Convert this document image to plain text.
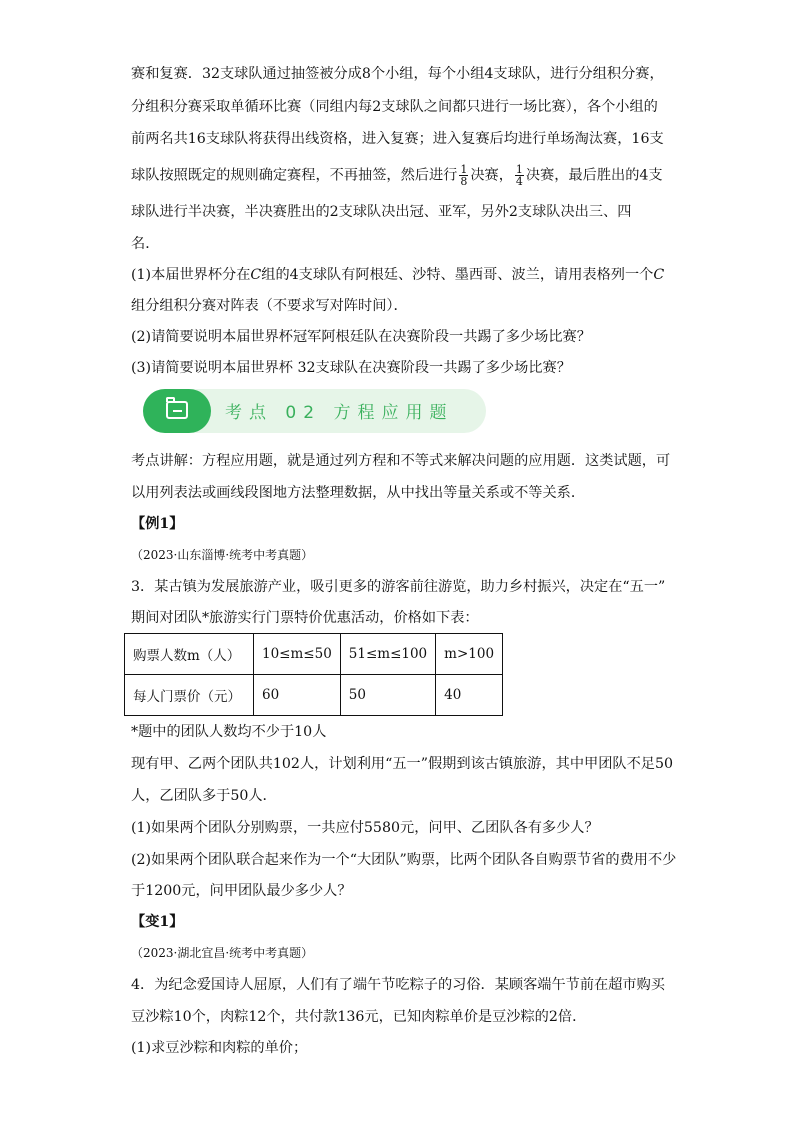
赛和复赛．32支球队通过抽签被分成8个小组，每个小组4支球队，进行分组积分赛，
分组积分赛采取单循环比赛（同组内每2支球队之间都只进行一场比赛），各个小组的
前两名共16支球队将获得出线资格，进入复赛；进入复赛后均进行单场淘汰赛，16支
球队按照既定的规则确定赛程，不再抽签，然后进行 $\frac{1}{8}$ 决赛， $\frac{1}{4}$ 决赛，最后胜出的4支
球队进行半决赛，半决赛胜出的2支球队决出冠、亚军，另外2支球队决出三、四
名．
(1)本届世界杯分在C组的4支球队有阿根廷、沙特、墨西哥、波兰，请用表格列一个C
组分组积分赛对阵表（不要求写对阵时间）．
(2)请简要说明本届世界杯冠军阿根廷队在决赛阶段一共踢了多少场比赛？
(3)请简要说明本届世界杯 32支球队在决赛阶段一共踢了多少场比赛？
考点 02 方程应用题
考点讲解：方程应用题，就是通过列方程和不等式来解决问题的应用题．这类试题，可
以用列表法或画线段图地方法整理数据，从中找出等量关系或不等关系．
【例1】
（2023·山东淄博·统考中考真题）
3．某古镇为发展旅游产业，吸引更多的游客前往游览，助力乡村振兴，决定在“五一”
期间对团队*旅游实行门票特价优惠活动，价格如下表：
购票人数m（人）	10≤m≤50	51≤m≤100	m>100
每人门票价（元）	60	50	40
*题中的团队人数均不少于10人
现有甲、乙两个团队共102人，计划利用“五一”假期到该古镇旅游，其中甲团队不足50
人，乙团队多于50人．
(1)如果两个团队分别购票，一共应付5580元，问甲、乙团队各有多少人？
(2)如果两个团队联合起来作为一个“大团队”购票，比两个团队各自购票节省的费用不少
于1200元，问甲团队最少多少人？
【变1】
（2023·湖北宜昌·统考中考真题）
4．为纪念爱国诗人屈原，人们有了端午节吃粽子的习俗．某顾客端午节前在超市购买
豆沙粽10个，肉粽12个，共付款136元，已知肉粽单价是豆沙粽的2倍．
(1)求豆沙粽和肉粽的单价；
